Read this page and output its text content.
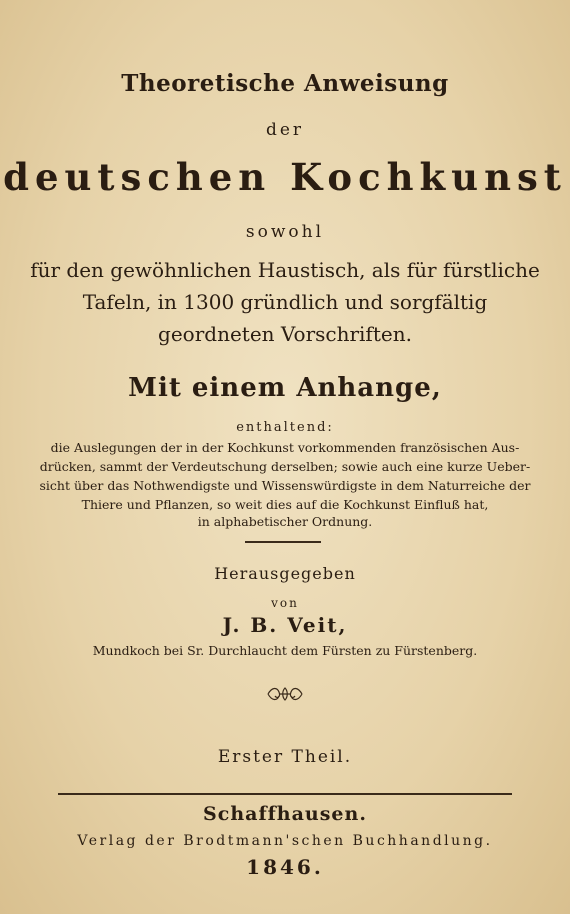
Theoretische Anweisung
der
deutschen Kochkunst
sowohl
für den gewöhnlichen Haustisch, als für fürstliche
Tafeln, in 1300 gründlich und sorgfältig
geordneten Vorschriften.
Mit einem Anhange,
enthaltend:
die Auslegungen der in der Kochkunst vorkommenden französischen Aus-
drücken, sammt der Verdeutschung derselben; sowie auch eine kurze Ueber-
sicht über das Nothwendigste und Wissenswürdigste in dem Naturreiche der
Thiere und Pflanzen, so weit dies auf die Kochkunst Einfluß hat,
in alphabetischer Ordnung.
Herausgegeben
von
J. B. Veit,
Mundkoch bei Sr. Durchlaucht dem Fürsten zu Fürstenberg.
Erster Theil.
Schaffhausen.
Verlag der Brodtmann'schen Buchhandlung.
1846.
